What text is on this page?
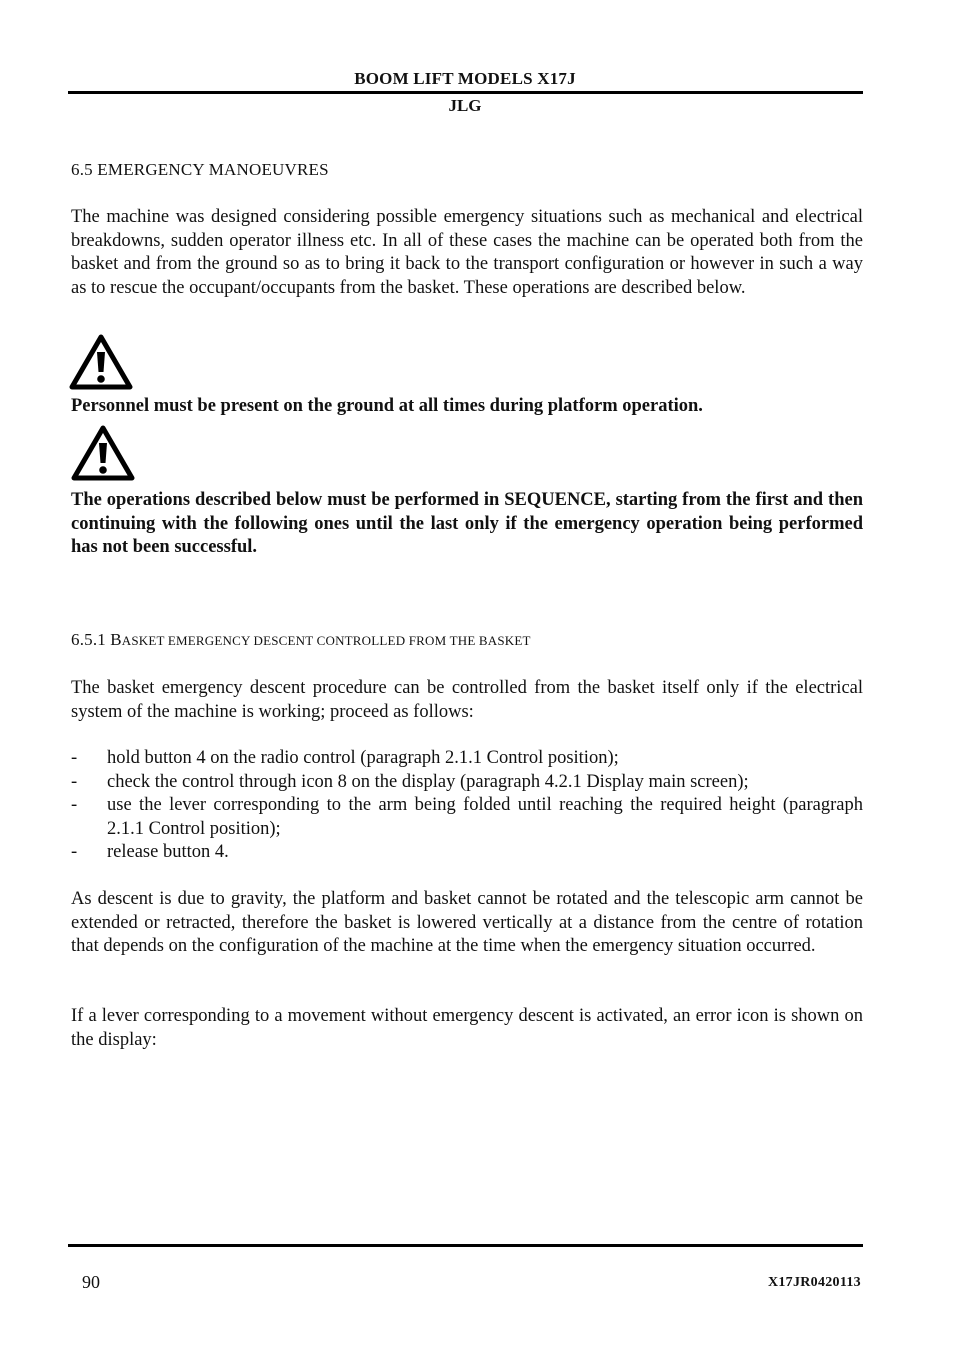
BOOM LIFT MODELS X17J
JLG
6.5 EMERGENCY MANOEUVRES
The machine was designed considering possible emergency situations such as mechanical and electrical breakdowns, sudden operator illness etc. In all of these cases the machine can be operated both from the basket and from the ground so as to bring it back to the transport configuration or however in such a way as to rescue the occupant/occupants from the basket. These operations are described below.
Personnel must be present on the ground at all times during platform operation.
The operations described below must be performed in SEQUENCE, starting from the first and then continuing with the following ones until the last only if the emergency operation being performed has not been successful.
6.5.1 BASKET EMERGENCY DESCENT CONTROLLED FROM THE BASKET
The basket emergency descent procedure can be controlled from the basket itself only if the electrical system of the machine is working; proceed as follows:
- hold button 4 on the radio control (paragraph 2.1.1 Control position);
- check the control through icon 8 on the display (paragraph 4.2.1 Display main screen);
- use the lever corresponding to the arm being folded until reaching the required height (paragraph 2.1.1 Control position);
- release button 4.
As descent is due to gravity, the platform and basket cannot be rotated and the telescopic arm cannot be extended or retracted, therefore the basket is lowered vertically at a distance from the centre of rotation that depends on the configuration of the machine at the time when the emergency situation occurred.
If a lever corresponding to a movement without emergency descent is activated, an error icon is shown on the display:
90	X17JR0420113
